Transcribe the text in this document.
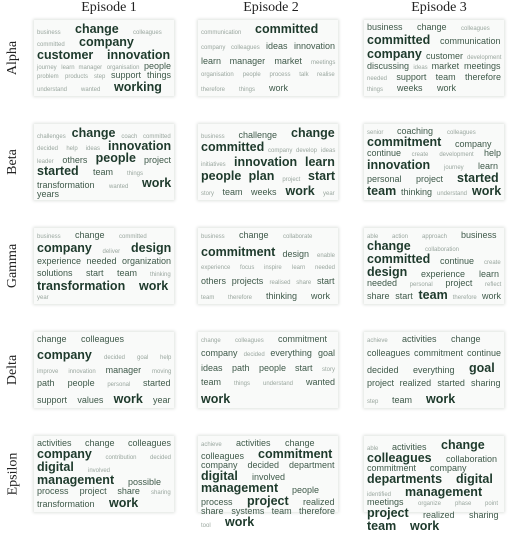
Episode 1	Episode 2	Episode 3
Alpha
Beta
Gamma
Delta
Epsilon
business change colleagues
committed company
customer innovation
journey learn manager organisation people
problem products step support things
understand wanted working
communication committed
company colleagues ideas innovation
learn manager market meetings
organisation people process talk realise
therefore things work
business change colleagues
committed communication
company customer development
discussing ideas market meetings
needed support team therefore
things weeks work
challenges change coach committed
decided help ideas innovation
leader others people project
started team things
transformation wanted work
years
business challenge change
committed company develop ideas
initiatives innovation learn
people plan project start
story team weeks work year
senior coaching colleagues
commitment company
continue create development help
innovation journey learn
personal project started
team thinking understand work
business change committed
company deliver design
experience needed organization
solutions start team thinking
transformation work
year
business change collaborate
commitment design enable
experience focus inspire learn needed
others projects realised share start
team therefore thinking work
able action approach business
change collaboration
committed continue create
design experience learn
needed personal project reflect
share start team therefore work
change colleagues
company decided goal help
improve innovation manager moving
path people personal started
support values work year
change colleagues commitment
company decided everything goal
ideas path people start story
team things understand wanted
work
achieve activities change
colleagues commitment continue
decided everything goal
project realized started sharing
step team work
activities change colleagues
company contribution decided
digital involved
management possible
process project share sharing
transformation work
achieve activities change
colleagues commitment
company decided department
digital involved
management people
process project realized
share systems team therefore
tool work
able activities change
colleagues collaboration
commitment company
departments digital
identified management
meetings organize phase point
project realized sharing
team work
